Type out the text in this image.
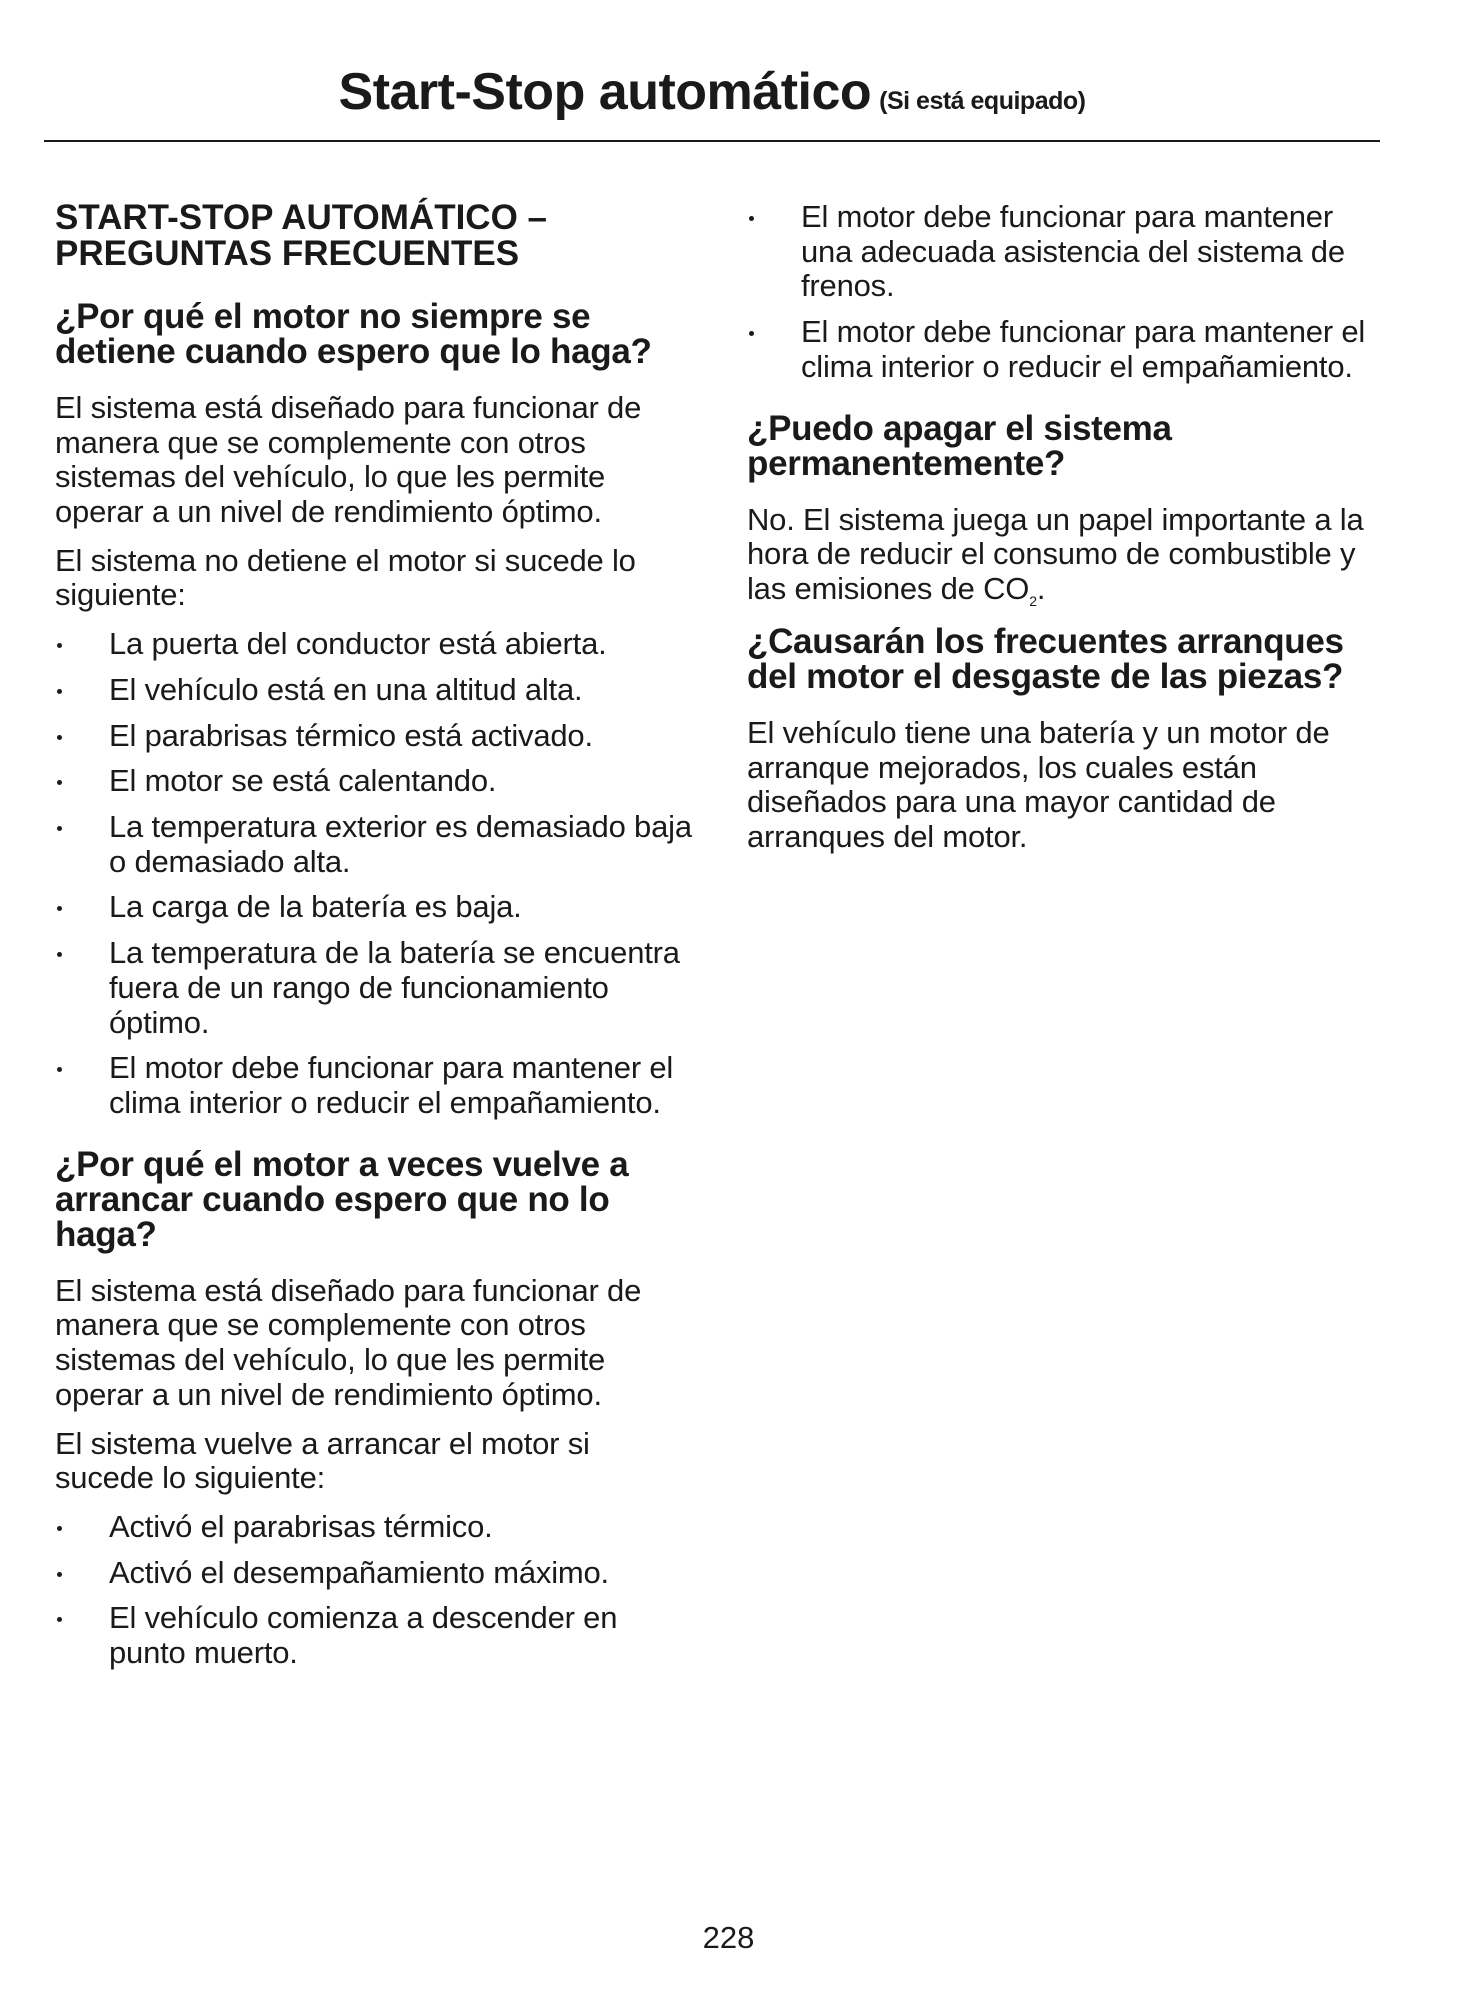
Start-Stop automático (Si está equipado)
START-STOP AUTOMÁTICO – PREGUNTAS FRECUENTES
¿Por qué el motor no siempre se detiene cuando espero que lo haga?

El sistema está diseñado para funcionar de manera que se complemente con otros sistemas del vehículo, lo que les permite operar a un nivel de rendimiento óptimo.

El sistema no detiene el motor si sucede lo siguiente:

La puerta del conductor está abierta.
El vehículo está en una altitud alta.
El parabrisas térmico está activado.
El motor se está calentando.
La temperatura exterior es demasiado baja o demasiado alta.
La carga de la batería es baja.
La temperatura de la batería se encuentra fuera de un rango de funcionamiento óptimo.
El motor debe funcionar para mantener el clima interior o reducir el empañamiento.
¿Por qué el motor a veces vuelve a arrancar cuando espero que no lo haga?

El sistema está diseñado para funcionar de manera que se complemente con otros sistemas del vehículo, lo que les permite operar a un nivel de rendimiento óptimo.

El sistema vuelve a arrancar el motor si sucede lo siguiente:

Activó el parabrisas térmico.
Activó el desempañamiento máximo.
El vehículo comienza a descender en punto muerto.
El motor debe funcionar para mantener una adecuada asistencia del sistema de frenos.
El motor debe funcionar para mantener el clima interior o reducir el empañamiento.
¿Puedo apagar el sistema permanentemente?

No. El sistema juega un papel importante a la hora de reducir el consumo de combustible y las emisiones de $CO_2$.

¿Causarán los frecuentes arranques del motor el desgaste de las piezas?

El vehículo tiene una batería y un motor de arranque mejorados, los cuales están diseñados para una mayor cantidad de arranques del motor.

228
